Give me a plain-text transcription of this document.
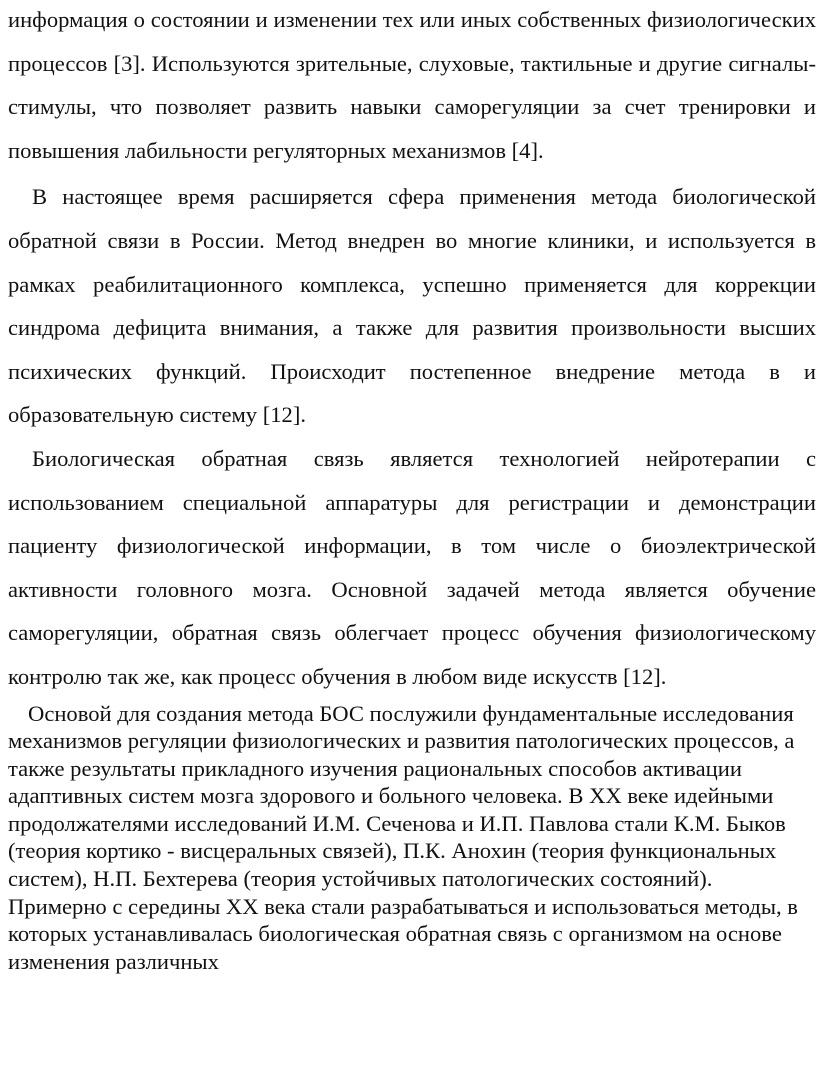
информация о состоянии и изменении тех или иных собственных физиологических процессов [3]. Используются зрительные, слуховые, тактильные и другие сигналы-стимулы, что позволяет развить навыки саморегуляции за счет тренировки и повышения лабильности регуляторных механизмов [4].

В настоящее время расширяется сфера применения метода биологической обратной связи в России. Метод внедрен во многие клиники, и используется в рамках реабилитационного комплекса, успешно применяется для коррекции синдрома дефицита внимания, а также для развития произвольности высших психических функций. Происходит постепенное внедрение метода в и образовательную систему [12].

Биологическая обратная связь является технологией нейротерапии с использованием специальной аппаратуры для регистрации и демонстрации пациенту физиологической информации, в том числе о биоэлектрической активности головного мозга. Основной задачей метода является обучение саморегуляции, обратная связь облегчает процесс обучения физиологическому контролю так же, как процесс обучения в любом виде искусств [12].

Основой для создания метода БОС послужили фундаментальные исследования механизмов регуляции физиологических и развития патологических процессов, а также результаты прикладного изучения рациональных способов активации адаптивных систем мозга здорового и больного человека. В XX веке идейными продолжателями исследований И.М. Сеченова и И.П. Павлова стали К.М. Быков (теория кортико - висцеральных связей), П.К. Анохин (теория функциональных систем), Н.П. Бехтерева (теория устойчивых патологических состояний). Примерно с середины XX века стали разрабатываться и использоваться методы, в которых устанавливалась биологическая обратная связь с организмом на основе изменения различных
